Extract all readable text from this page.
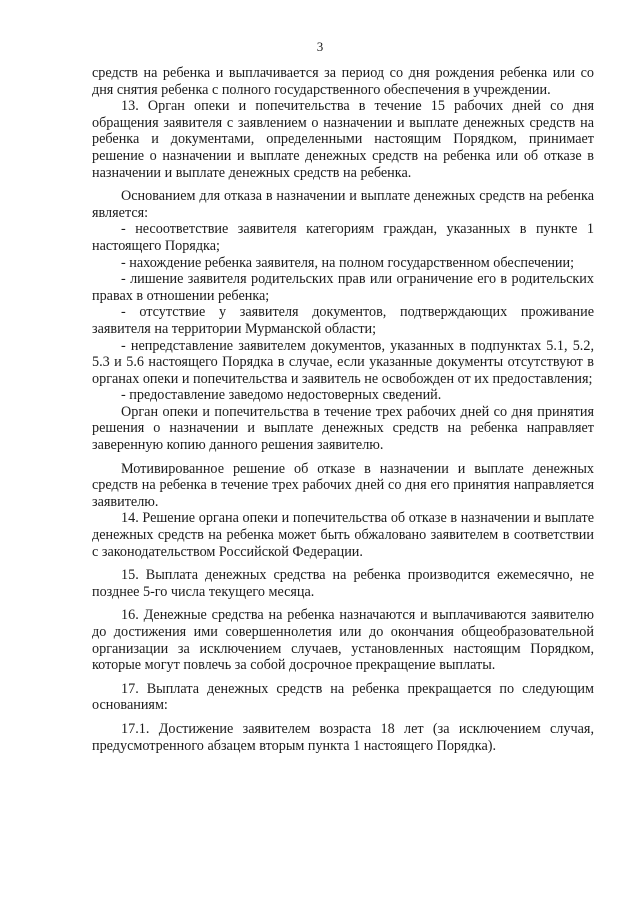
3

средств на ребенка и выплачивается за период со дня рождения ребенка или со дня снятия ребенка с полного государственного обеспечения в учреждении.

13. Орган опеки и попечительства в течение 15 рабочих дней со дня обращения заявителя с заявлением о назначении и выплате денежных средств на ребенка и документами, определенными настоящим Порядком, принимает решение о назначении и выплате денежных средств на ребенка или об отказе в назначении и выплате денежных средств на ребенка.

Основанием для отказа в назначении и выплате денежных средств на ребенка является:

- несоответствие заявителя категориям граждан, указанных в пункте 1 настоящего Порядка;

- нахождение ребенка заявителя, на полном государственном обеспечении;

- лишение заявителя родительских прав или ограничение его в родительских правах в отношении ребенка;

- отсутствие у заявителя документов, подтверждающих проживание заявителя на территории Мурманской области;

- непредставление заявителем документов, указанных в подпунктах 5.1, 5.2, 5.3 и 5.6 настоящего Порядка в случае, если указанные документы отсутствуют в органах опеки и попечительства и заявитель не освобожден от их предоставления;

- предоставление заведомо недостоверных сведений.

Орган опеки и попечительства в течение трех рабочих дней со дня принятия решения о назначении и выплате денежных средств на ребенка направляет заверенную копию данного решения заявителю.

Мотивированное решение об отказе в назначении и выплате денежных средств на ребенка в течение трех рабочих дней со дня его принятия направляется заявителю.

14. Решение органа опеки и попечительства об отказе в назначении и выплате денежных средств на ребенка может быть обжаловано заявителем в соответствии с законодательством Российской Федерации.

15. Выплата денежных средства на ребенка производится ежемесячно, не позднее 5-го числа текущего месяца.

16. Денежные средства на ребенка назначаются и выплачиваются заявителю до достижения ими совершеннолетия или до окончания общеобразовательной организации за исключением случаев, установленных настоящим Порядком, которые могут повлечь за собой досрочное прекращение выплаты.

17. Выплата денежных средств на ребенка прекращается по следующим основаниям:

17.1. Достижение заявителем возраста 18 лет (за исключением случая, предусмотренного абзацем вторым пункта 1 настоящего Порядка).
